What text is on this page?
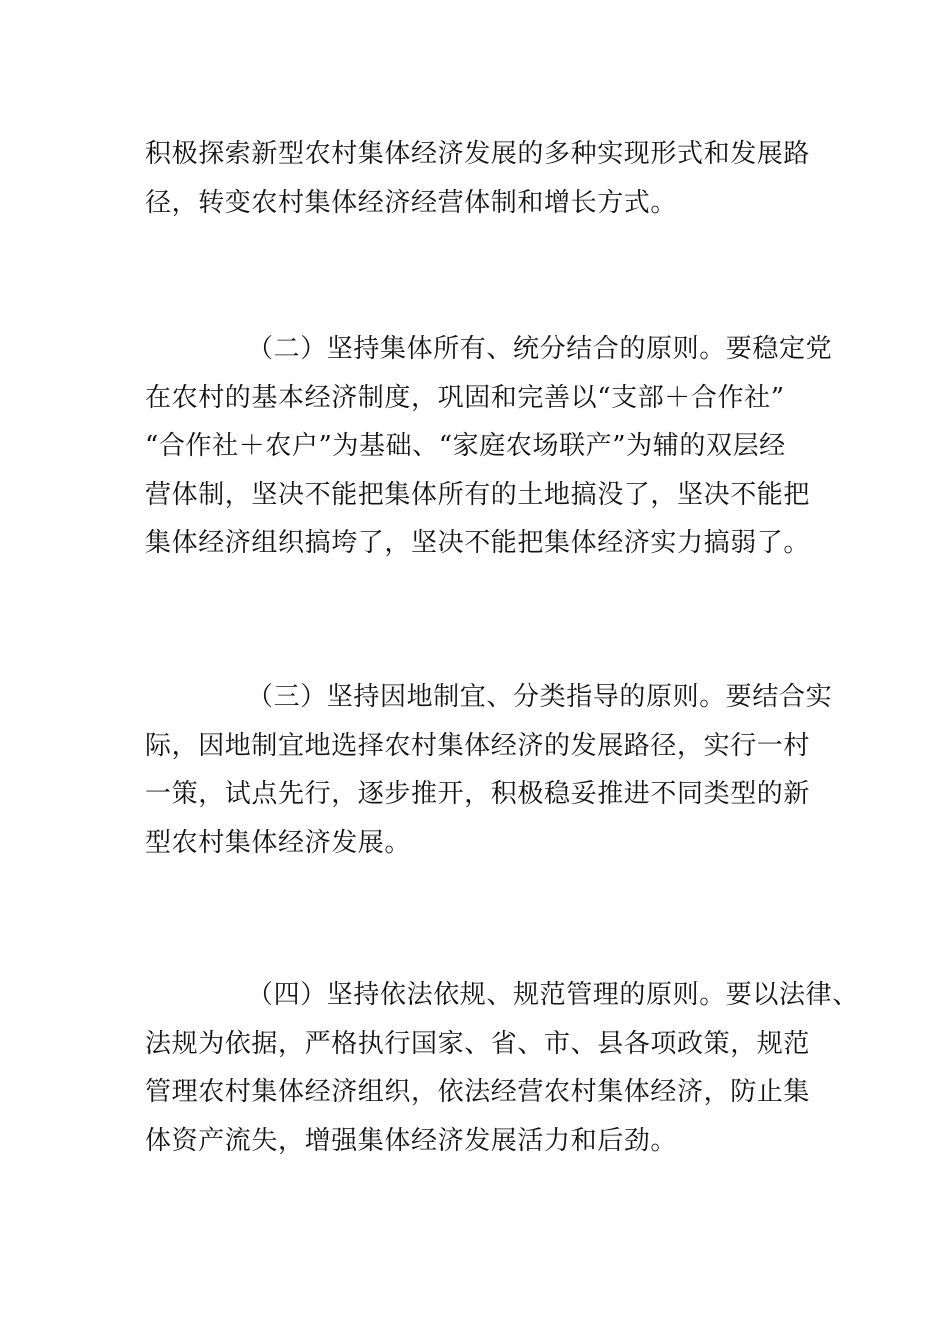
积极探索新型农村集体经济发展的多种实现形式和发展路
径，转变农村集体经济经营体制和增长方式。
（二）坚持集体所有、统分结合的原则。要稳定党
在农村的基本经济制度，巩固和完善以“支部＋合作社”
“合作社＋农户”为基础、“家庭农场联产”为辅的双层经
营体制，坚决不能把集体所有的土地搞没了，坚决不能把
集体经济组织搞垮了，坚决不能把集体经济实力搞弱了。
（三）坚持因地制宜、分类指导的原则。要结合实
际，因地制宜地选择农村集体经济的发展路径，实行一村
一策，试点先行，逐步推开，积极稳妥推进不同类型的新
型农村集体经济发展。
（四）坚持依法依规、规范管理的原则。要以法律、
法规为依据，严格执行国家、省、市、县各项政策，规范
管理农村集体经济组织，依法经营农村集体经济，防止集
体资产流失，增强集体经济发展活力和后劲。
